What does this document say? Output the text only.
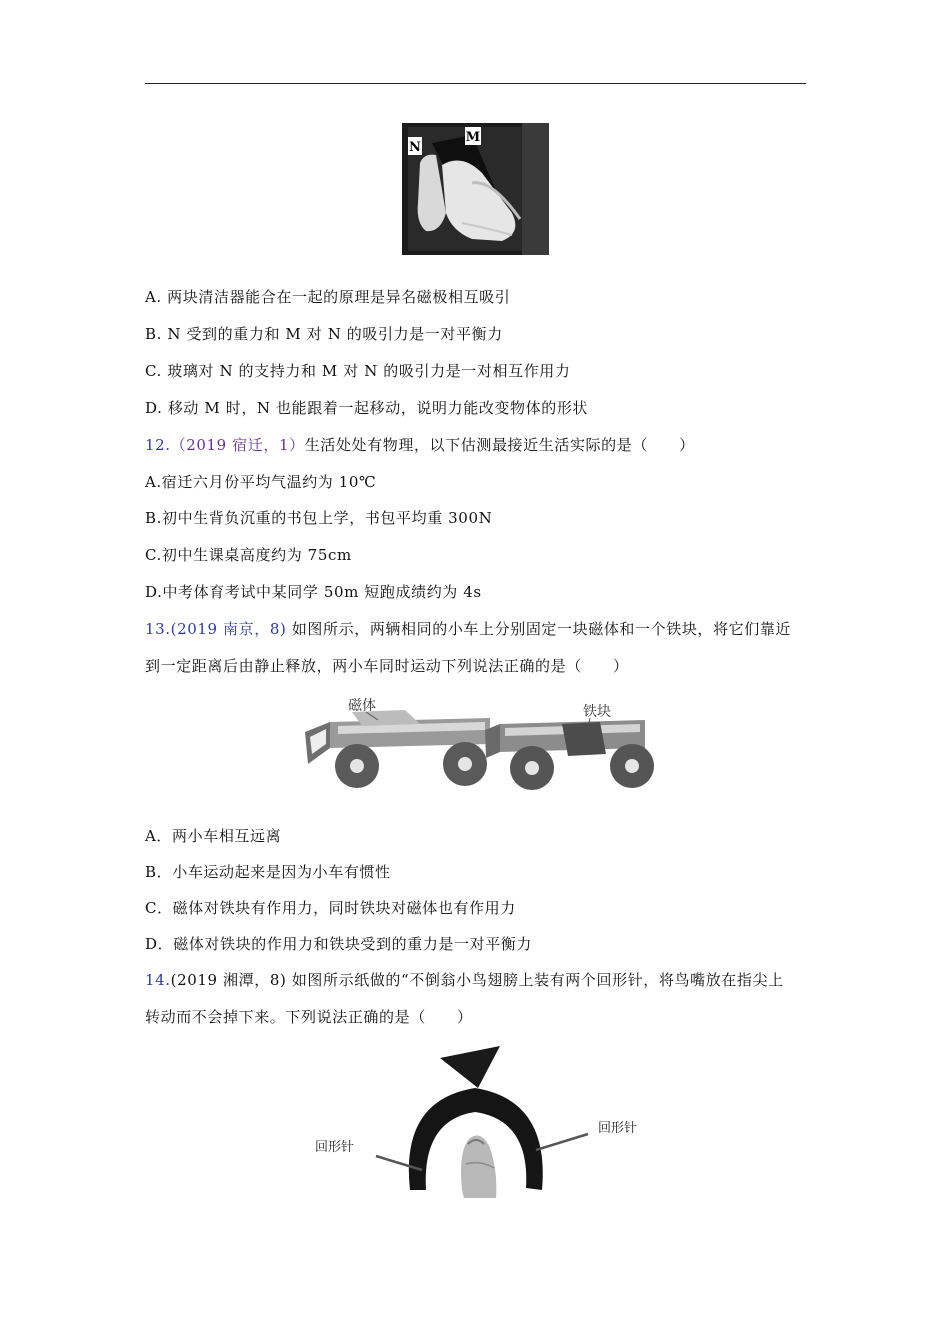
N
M
A. 两块清洁器能合在一起的原理是异名磁极相互吸引
B. N 受到的重力和 M 对 N 的吸引力是一对平衡力
C. 玻璃对 N 的支持力和 M 对 N 的吸引力是一对相互作用力
D. 移动 M 时，N 也能跟着一起移动，说明力能改变物体的形状
12.（2019 宿迁，1）生活处处有物理，以下估测最接近生活实际的是（　　）
A.宿迁六月份平均气温约为 10℃
B.初中生背负沉重的书包上学，书包平均重 300N
C.初中生课桌高度约为 75cm
D.中考体育考试中某同学 50m 短跑成绩约为 4s
13.(2019 南京，8) 如图所示，两辆相同的小车上分别固定一块磁体和一个铁块，将它们靠近
到一定距离后由静止释放，两小车同时运动下列说法正确的是（　　）
磁体	铁块
A．两小车相互远离
B．小车运动起来是因为小车有惯性
C．磁体对铁块有作用力，同时铁块对磁体也有作用力
D．磁体对铁块的作用力和铁块受到的重力是一对平衡力
14.(2019 湘潭，8) 如图所示纸做的“不倒翁小鸟翅膀上装有两个回形针，将鸟嘴放在指尖上
转动而不会掉下来。下列说法正确的是（　　）
回形针
回形针
